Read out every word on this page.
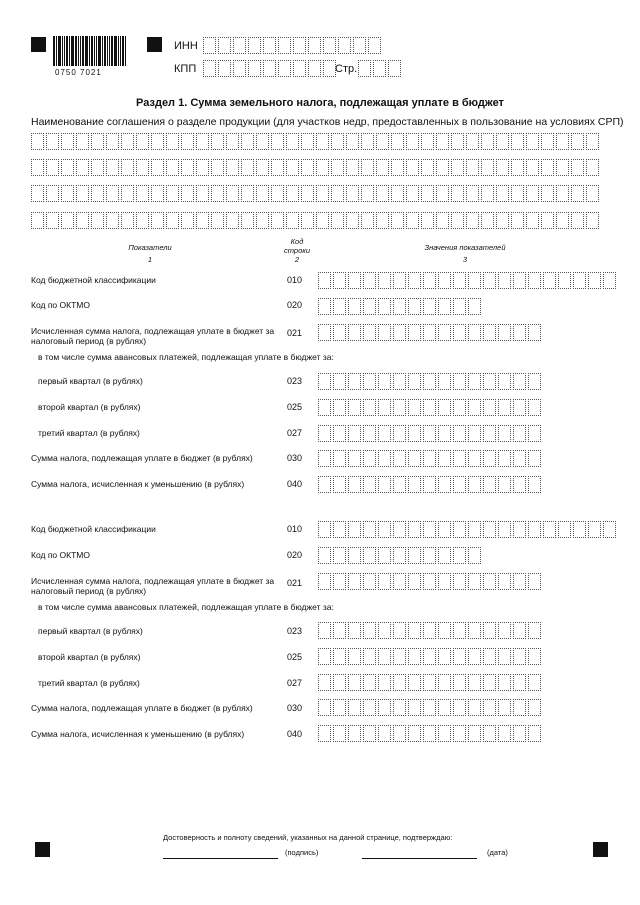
0750 7021
ИНН
КПП	Стр.
Раздел 1. Сумма земельного налога, подлежащая уплате в бюджет
Наименование соглашения о разделе продукции (для участков недр, предоставленных в пользование на условиях СРП)
Показатели
1
Код строки
2
Значения показателей
3
Код бюджетной классификации	010
Код по ОКТМО	020
Исчисленная сумма налога, подлежащая уплате в бюджет за налоговый период (в рублях)
021
в том числе сумма авансовых платежей, подлежащая уплате в бюджет за:
первый квартал (в рублях)	023
второй квартал (в рублях)	025
третий квартал (в рублях)	027
Сумма налога, подлежащая уплате в бюджет (в рублях)	030
Сумма налога, исчисленная к уменьшению (в рублях)	040
Код бюджетной классификации	010
Код по ОКТМО	020
Исчисленная сумма налога, подлежащая уплате в бюджет за налоговый период (в рублях)
021
в том числе сумма авансовых платежей, подлежащая уплате в бюджет за:
первый квартал (в рублях)	023
второй квартал (в рублях)	025
третий квартал (в рублях)	027
Сумма налога, подлежащая уплате в бюджет (в рублях)	030
Сумма налога, исчисленная к уменьшению (в рублях)	040
Достоверность и полноту сведений, указанных на данной странице, подтверждаю:
(подпись)	(дата)
